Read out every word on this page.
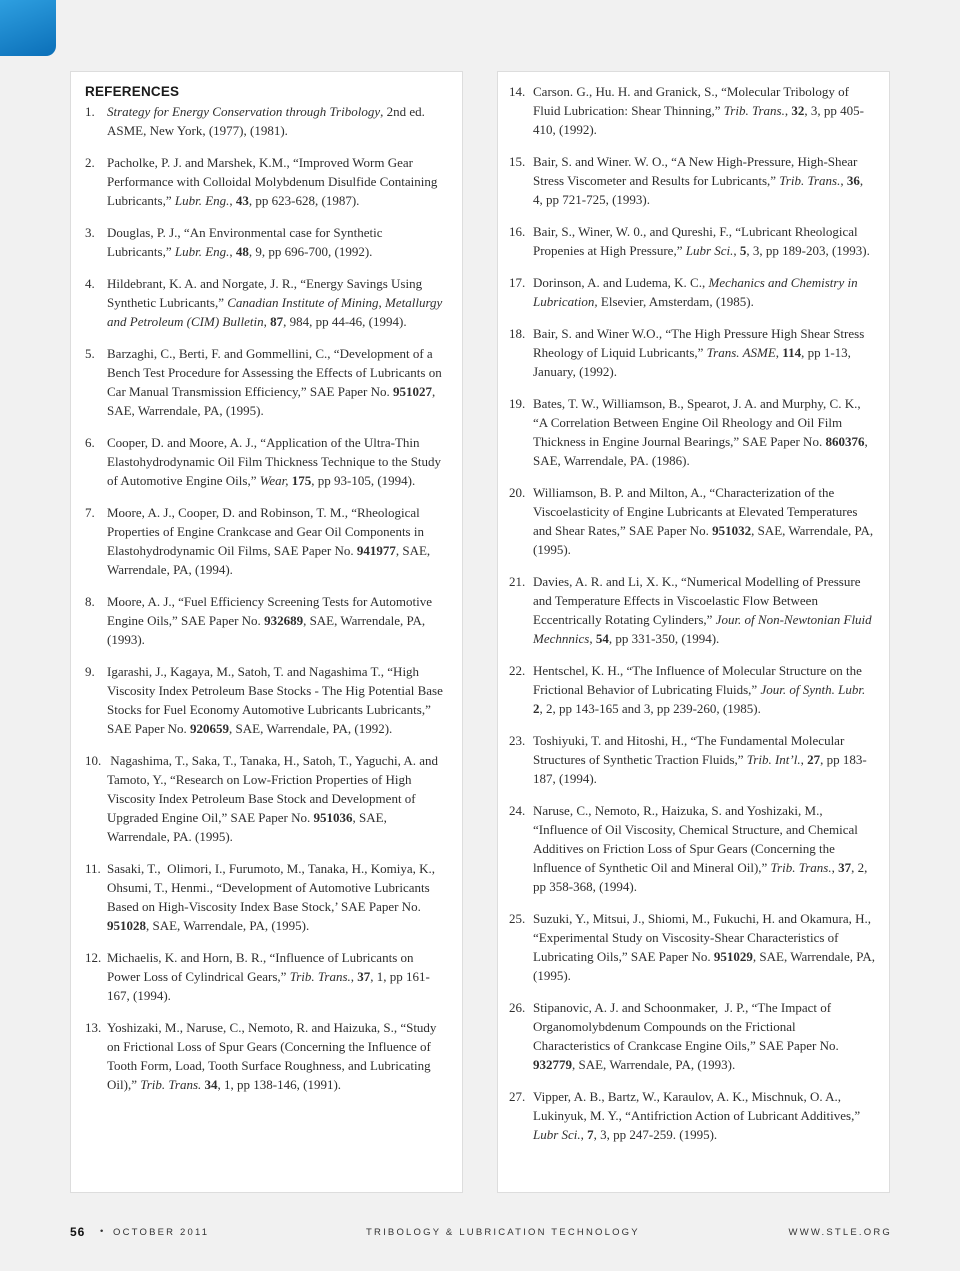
REFERENCES
1. Strategy for Energy Conservation through Tribology, 2nd ed. ASME, New York, (1977), (1981).
2. Pacholke, P. J. and Marshek, K.M., “Improved Worm Gear Performance with Colloidal Molybdenum Disulfide Containing Lubricants,” Lubr. Eng., 43, pp 623-628, (1987).
3. Douglas, P. J., “An Environmental case for Synthetic Lubricants,” Lubr. Eng., 48, 9, pp 696-700, (1992).
4. Hildebrant, K. A. and Norgate, J. R., “Energy Savings Using Synthetic Lubricants,” Canadian Institute of Mining, Metallurgy and Petroleum (CIM) Bulletin, 87, 984, pp 44-46, (1994).
5. Barzaghi, C., Berti, F. and Gommellini, C., “Development of a Bench Test Procedure for Assessing the Effects of Lubricants on Car Manual Transmission Efficiency,” SAE Paper No. 951027, SAE, Warrendale, PA, (1995).
6. Cooper, D. and Moore, A. J., “Application of the Ultra-Thin Elastohydrodynamic Oil Film Thickness Technique to the Study of Automotive Engine Oils,” Wear, 175, pp 93-105, (1994).
7. Moore, A. J., Cooper, D. and Robinson, T. M., “Rheological Properties of Engine Crankcase and Gear Oil Components in Elastohydrodynamic Oil Films, SAE Paper No. 941977, SAE, Warrendale, PA, (1994).
8. Moore, A. J., “Fuel Efficiency Screening Tests for Automotive Engine Oils,” SAE Paper No. 932689, SAE, Warrendale, PA, (1993).
9. Igarashi, J., Kagaya, M., Satoh, T. and Nagashima T., “High Viscosity Index Petroleum Base Stocks - The Hig Potential Base Stocks for Fuel Economy Automotive Lubricants Lubricants,” SAE Paper No. 920659, SAE, Warrendale, PA, (1992).
10. Nagashima, T., Saka, T., Tanaka, H., Satoh, T., Yaguchi, A. and Tamoto, Y., “Research on Low-Friction Properties of High Viscosity Index Petroleum Base Stock and Development of Upgraded Engine Oil,” SAE Paper No. 951036, SAE, Warrendale, PA. (1995).
11. Sasaki, T.,  Olimori, I., Furumoto, M., Tanaka, H., Komiya, K., Ohsumi, T., Henmi., “Development of Automotive Lubricants Based on High-Viscosity Index Base Stock,’ SAE Paper No. 951028, SAE, Warrendale, PA, (1995).
12. Michaelis, K. and Horn, B. R., “Influence of Lubricants on Power Loss of Cylindrical Gears,” Trib. Trans., 37, 1, pp 161-167, (1994).
13. Yoshizaki, M., Naruse, C., Nemoto, R. and Haizuka, S., “Study on Frictional Loss of Spur Gears (Concerning the Influence of Tooth Form, Load, Tooth Surface Roughness, and Lubricating Oil),” Trib. Trans. 34, 1, pp 138-146, (1991).
14. Carson. G., Hu. H. and Granick, S., “Molecular Tribology of Fluid Lubrication: Shear Thinning,” Trib. Trans., 32, 3, pp 405-410, (1992).
15. Bair, S. and Winer. W. O., “A New High-Pressure, High-Shear Stress Viscometer and Results for Lubricants,” Trib. Trans., 36, 4, pp 721-725, (1993).
16. Bair, S., Winer, W. 0., and Qureshi, F., “Lubricant Rheological Propenies at High Pressure,” Lubr Sci., 5, 3, pp 189-203, (1993).
17. Dorinson, A. and Ludema, K. C., Mechanics and Chemistry in Lubrication, Elsevier, Amsterdam, (1985).
18. Bair, S. and Winer W.O., “The High Pressure High Shear Stress Rheology of Liquid Lubricants,” Trans. ASME, 114, pp 1-13, January, (1992).
19. Bates, T. W., Williamson, B., Spearot, J. A. and Murphy, C. K., “A Correlation Between Engine Oil Rheology and Oil Film Thickness in Engine Journal Bearings,” SAE Paper No. 860376, SAE, Warrendale, PA. (1986).
20. Williamson, B. P. and Milton, A., “Characterization of the Viscoelasticity of Engine Lubricants at Elevated Temperatures and Shear Rates,” SAE Paper No. 951032, SAE, Warrendale, PA, (1995).
21. Davies, A. R. and Li, X. K., “Numerical Modelling of Pressure and Temperature Effects in Viscoelastic Flow Between Eccentrically Rotating Cylinders,” Jour. of Non-Newtonian Fluid Mechnnics, 54, pp 331-350, (1994).
22. Hentschel, K. H., “The Influence of Molecular Structure on the Frictional Behavior of Lubricating Fluids,” Jour. of Synth. Lubr. 2, 2, pp 143-165 and 3, pp 239-260, (1985).
23. Toshiyuki, T. and Hitoshi, H., “The Fundamental Molecular Structures of Synthetic Traction Fluids,” Trib. Int’l., 27, pp 183-187, (1994).
24. Naruse, C., Nemoto, R., Haizuka, S. and Yoshizaki, M., “Influence of Oil Viscosity, Chemical Structure, and Chemical Additives on Friction Loss of Spur Gears (Concerning the lnfluence of Synthetic Oil and Mineral Oil),” Trib. Trans., 37, 2, pp 358-368, (1994).
25. Suzuki, Y., Mitsui, J., Shiomi, M., Fukuchi, H. and Okamura, H., “Experimental Study on Viscosity-Shear Characteristics of Lubricating Oils,” SAE Paper No. 951029, SAE, Warrendale, PA, (1995).
26. Stipanovic, A. J. and Schoonmaker,  J. P., “The Impact of Organomolybdenum Compounds on the Frictional Characteristics of Crankcase Engine Oils,” SAE Paper No. 932779, SAE, Warrendale, PA, (1993).
27. Vipper, A. B., Bartz, W., Karaulov, A. K., Mischnuk, O. A., Lukinyuk, M. Y., “Antifriction Action of Lubricant Additives,” Lubr Sci., 7, 3, pp 247-259. (1995).
56 • OCTOBER 2011	TRIBOLOGY & LUBRICATION TECHNOLOGY	WWW.STLE.ORG
